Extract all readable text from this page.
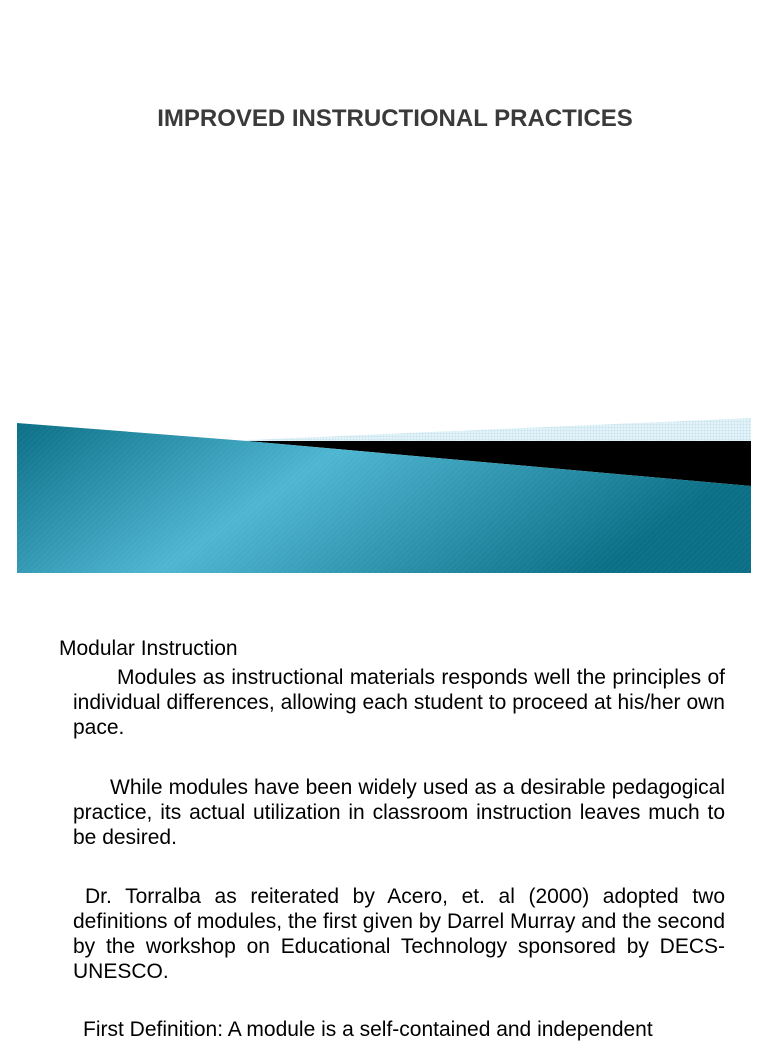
IMPROVED INSTRUCTIONAL PRACTICES
Modular Instruction

Modules as instructional materials responds well the principles of individual differences, allowing each student to proceed at his/her own pace.

While modules have been widely used as a desirable pedagogical practice, its actual utilization in classroom instruction leaves much to be desired.

Dr. Torralba as reiterated by Acero, et. al (2000) adopted two definitions of modules, the first given by Darrel Murray and the second by the workshop on Educational Technology sponsored by DECS-UNESCO.

First Definition: A module is a self-contained and independent
